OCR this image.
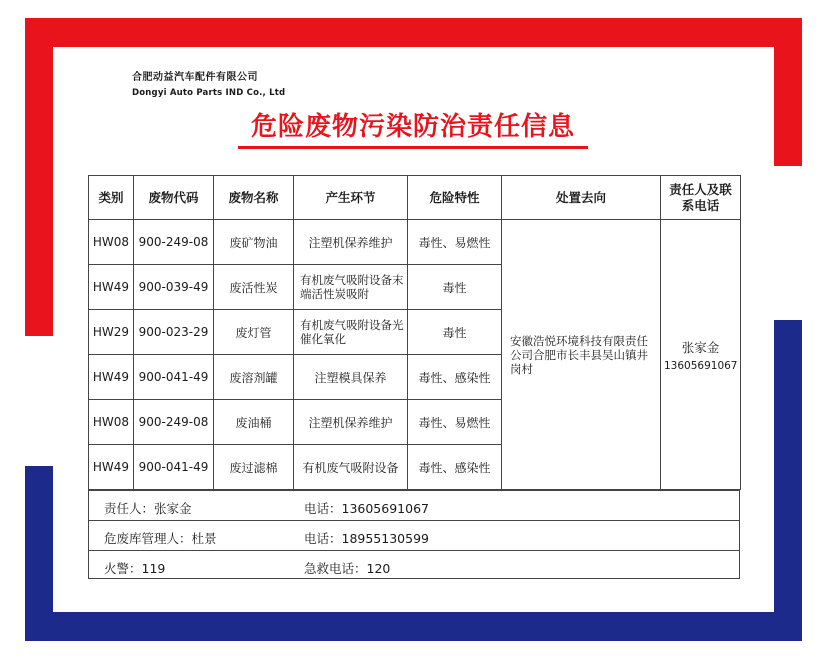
合肥动益汽车配件有限公司
Dongyi Auto Parts IND Co., Ltd
危险废物污染防治责任信息
类别	废物代码	废物名称	产生环节	危险特性	处置去向	责任人及联系电话
HW08	900-249-08	废矿物油	注塑机保养维护	毒性、易燃性	安徽浩悦环境科技有限责任公司合肥市长丰县吴山镇井岗村	张家金
13605691067

HW49	900-039-49	废活性炭	有机废气吸附设备末端活性炭吸附	毒性		
HW29	900-023-29	废灯管	有机废气吸附设备光催化氧化	毒性		
HW49	900-041-49	废溶剂罐	注塑模具保养	毒性、感染性		
HW08	900-249-08	废油桶	注塑机保养维护	毒性、易燃性		
HW49	900-041-49	废过滤棉	有机废气吸附设备	毒性、感染性		
责任人：张家金	电话：13605691067
危废库管理人：杜景	电话：18955130599
火警：119	急救电话：120
